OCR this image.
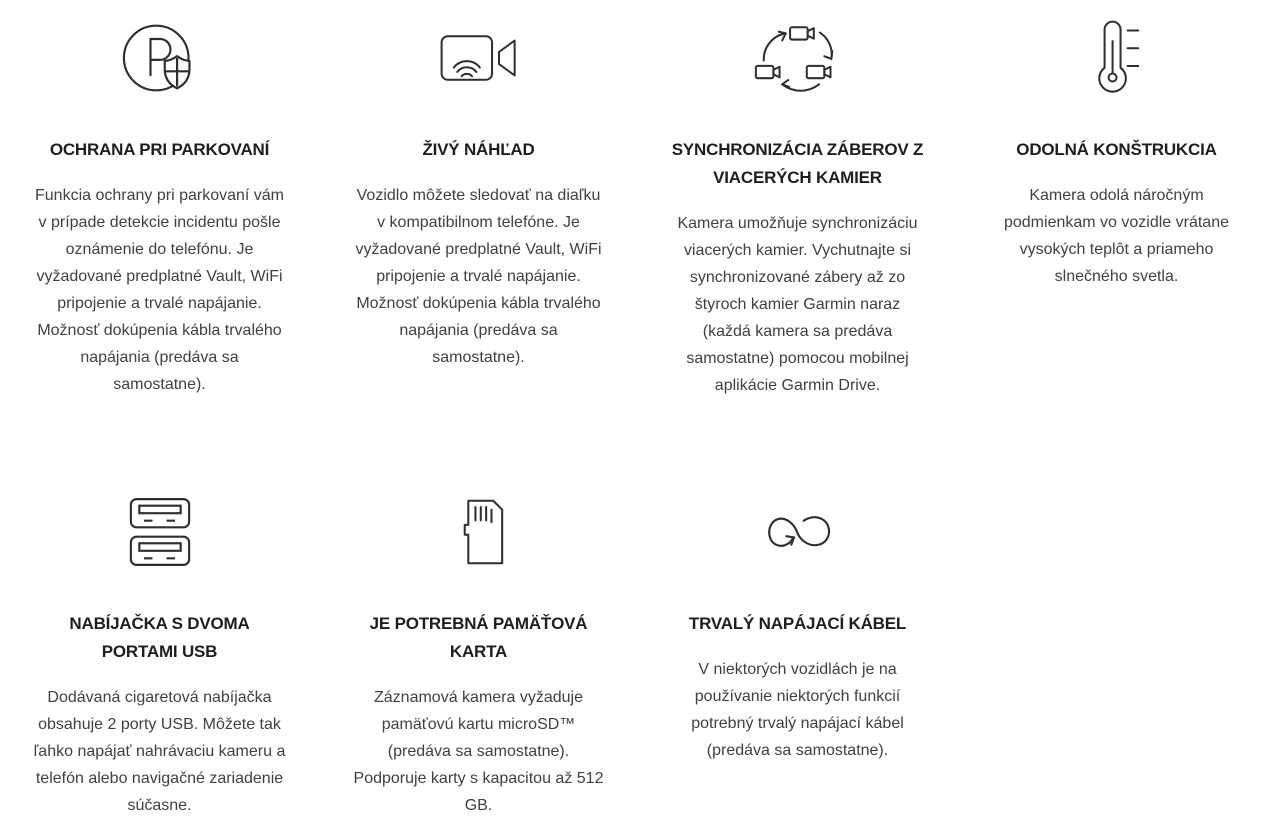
OCHRANA PRI PARKOVANÍ

Funkcia ochrany pri parkovaní vám v prípade detekcie incidentu pošle oznámenie do telefónu. Je vyžadované predplatné Vault, WiFi pripojenie a trvalé napájanie. Možnosť dokúpenia kábla trvalého napájania (predáva sa samostatne).

ŽIVÝ NÁHĽAD

Vozidlo môžete sledovať na diaľku v kompatibilnom telefóne. Je vyžadované predplatné Vault, WiFi pripojenie a trvalé napájanie. Možnosť dokúpenia kábla trvalého napájania (predáva sa samostatne).

SYNCHRONIZÁCIA ZÁBEROV Z VIACERÝCH KAMIER

Kamera umožňuje synchronizáciu viacerých kamier. Vychutnajte si synchronizované zábery až zo štyroch kamier Garmin naraz (každá kamera sa predáva samostatne) pomocou mobilnej aplikácie Garmin Drive.

ODOLNÁ KONŠTRUKCIA

Kamera odolá náročným podmienkam vo vozidle vrátane vysokých teplôt a priameho slnečného svetla.

NABÍJAČKA S DVOMA PORTAMI USB

Dodávaná cigaretová nabíjačka obsahuje 2 porty USB. Môžete tak ľahko napájať nahrávaciu kameru a telefón alebo navigačné zariadenie súčasne.

JE POTREBNÁ PAMÄŤOVÁ KARTA

Záznamová kamera vyžaduje pamäťovú kartu microSD™ (predáva sa samostatne). Podporuje karty s kapacitou až 512 GB.

TRVALÝ NAPÁJACÍ KÁBEL

V niektorých vozidlách je na používanie niektorých funkcií potrebný trvalý napájací kábel (predáva sa samostatne).
